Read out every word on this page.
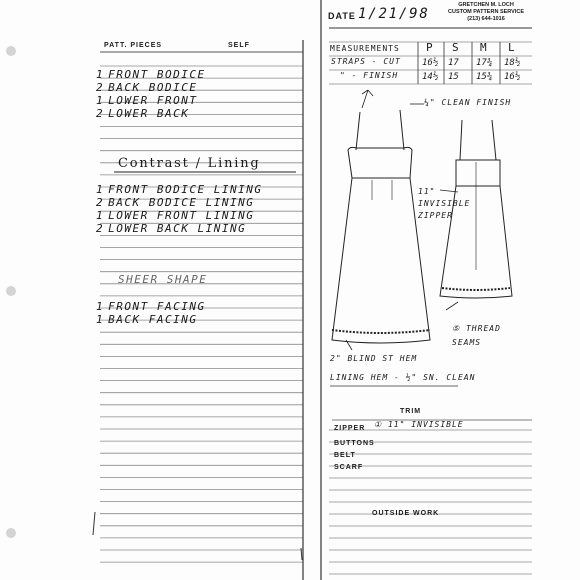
DATE 1/21/98
GRETCHEN M. LOCH
CUSTOM PATTERN SERVICE
(213) 644-1016
PATT. PIECES	SELF
1 FRONT BODICE
2 BACK BODICE
1 LOWER FRONT
2 LOWER BACK
Contrast / Lining
1 FRONT BODICE LINING
2 BACK BODICE LINING
1 LOWER FRONT LINING
2 LOWER BACK LINING
SHEER SHAPE
1 FRONT FACING
1 BACK FACING
MEASUREMENTS P S M L
STRAPS - CUT 16½ 17 17¾ 18½
" - FINISH	14½ 15 15¾ 16½
¼" CLEAN FINISH
11" INVISIBLE ZIPPER
⑤ THREAD SEAMS
2" BLIND ST HEM
LINING HEM - ½" SN. CLEAN
TRIM
ZIPPER ① 11" INVISIBLE
BUTTONS
BELT
SCARF
OUTSIDE WORK
